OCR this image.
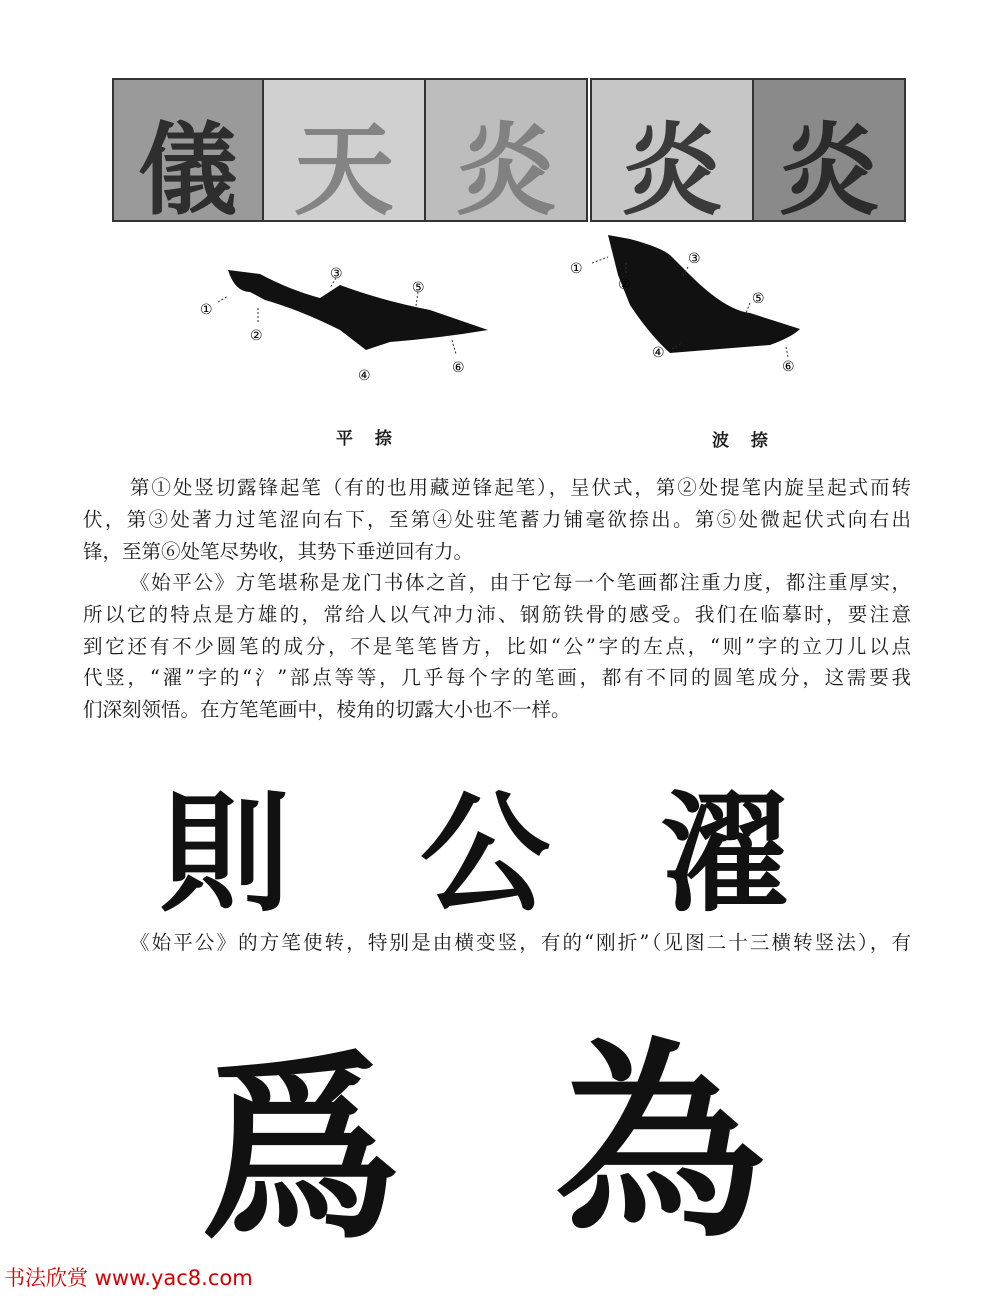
儀 天 炎 炎 炎
①
②
③
④
⑤
⑥
①
②
③
④
⑤
⑥
平 捺	波 捺
第①处竖切露锋起笔（有的也用藏逆锋起笔），呈伏式，第②处提笔内旋呈起式而转
伏，第③处著力过笔涩向右下，至第④处驻笔蓄力铺毫欲捺出。第⑤处微起伏式向右出
锋，至第⑥处笔尽势收，其势下垂逆回有力。
《始平公》方笔堪称是龙门书体之首，由于它每一个笔画都注重力度，都注重厚实，
所以它的特点是方雄的，常给人以气冲力沛、钢筋铁骨的感受。我们在临摹时，要注意
到它还有不少圆笔的成分，不是笔笔皆方，比如“公”字的左点，“则”字的立刀儿以点
代竖，“濯”字的“氵”部点等等，几乎每个字的笔画，都有不同的圆笔成分，这需要我
们深刻领悟。在方笔笔画中，棱角的切露大小也不一样。
則 公 濯
《始平公》的方笔使转，特别是由横变竖，有的“刚折”（见图二十三横转竖法），有
爲 為
书法欣赏 www.yac8.com
